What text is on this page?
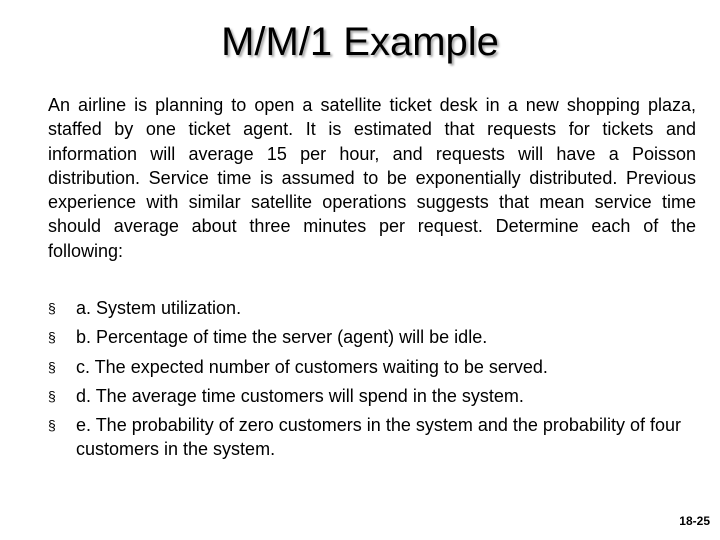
M/M/1 Example

An airline is planning to open a satellite ticket desk in a new shopping plaza, staffed by one ticket agent. It is estimated that requests for tickets and information will average 15 per hour, and requests will have a Poisson distribution. Service time is assumed to be exponentially distributed. Previous experience with similar satellite operations suggests that mean service time should average about three minutes per request. Determine each of the following:

§ a. System utilization.
§ b. Percentage of time the server (agent) will be idle.
§ c. The expected number of customers waiting to be served.
§ d. The average time customers will spend in the system.
§ e. The probability of zero customers in the system and the probability of four customers in the system.
18-25
